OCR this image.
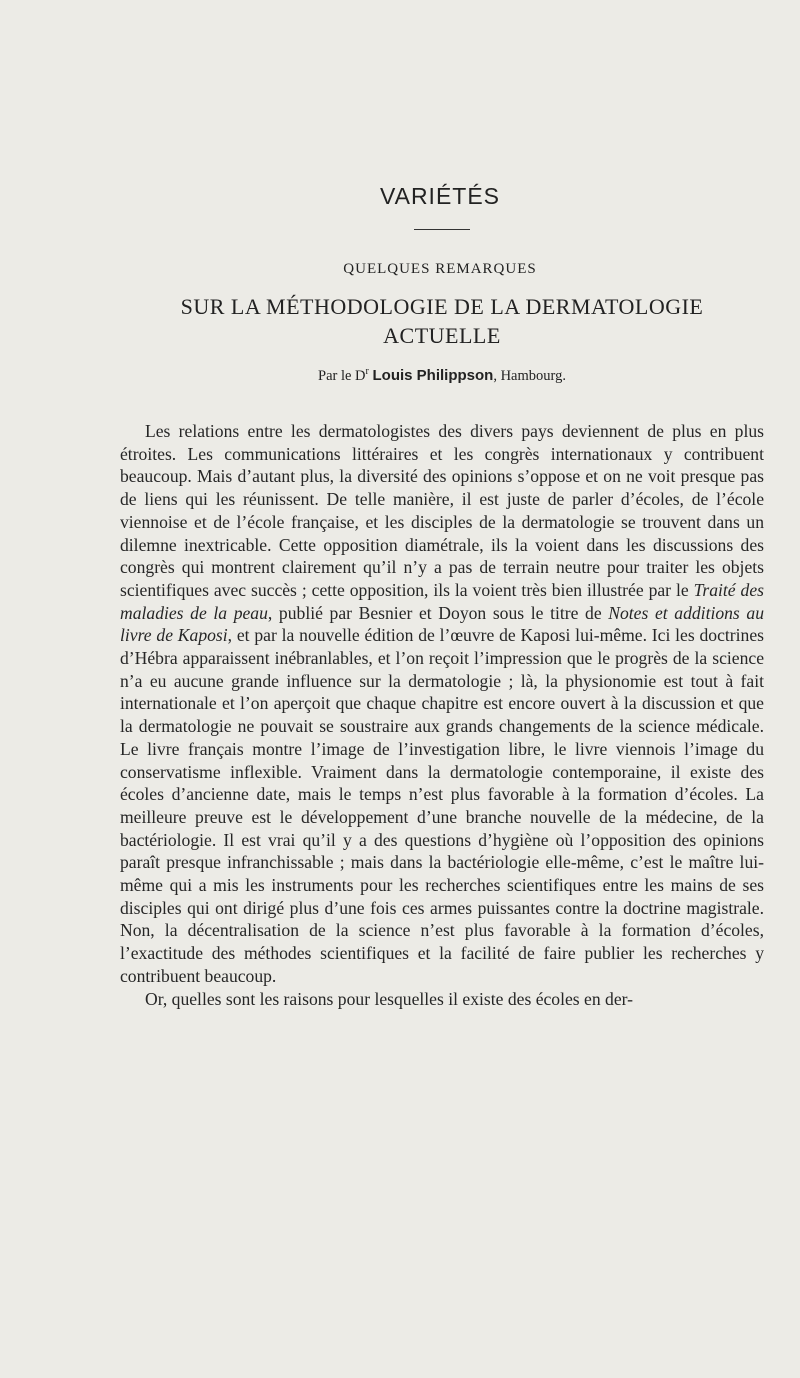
VARIÉTÉS
QUELQUES REMARQUES
SUR LA MÉTHODOLOGIE DE LA DERMATOLOGIE
ACTUELLE
Par le $D^r$ Louis Philippson, Hambourg.

Les relations entre les dermatologistes des divers pays deviennent de plus en plus étroites. Les communications littéraires et les congrès internationaux y contribuent beaucoup. Mais d’autant plus, la diversité des opinions s’oppose et on ne voit presque pas de liens qui les réunissent. De telle manière, il est juste de parler d’écoles, de l’école viennoise et de l’école française, et les disciples de la dermatologie se trouvent dans un dilemne inextricable. Cette opposition diamétrale, ils la voient dans les discussions des congrès qui montrent clairement qu’il n’y a pas de terrain neutre pour traiter les objets scientifiques avec succès ; cette opposition, ils la voient très bien illustrée par le Traité des maladies de la peau, publié par Besnier et Doyon sous le titre de Notes et additions au livre de Kaposi, et par la nouvelle édition de l’œuvre de Kaposi lui-même. Ici les doctrines d’Hébra apparaissent inébranlables, et l’on reçoit l’impression que le progrès de la science n’a eu aucune grande influence sur la dermatologie ; là, la physionomie est tout à fait internationale et l’on aperçoit que chaque chapitre est encore ouvert à la discussion et que la dermatologie ne pouvait se soustraire aux grands changements de la science médicale. Le livre français montre l’image de l’investigation libre, le livre viennois l’image du conservatisme inflexible. Vraiment dans la dermatologie contemporaine, il existe des écoles d’ancienne date, mais le temps n’est plus favorable à la formation d’écoles. La meilleure preuve est le développement d’une branche nouvelle de la médecine, de la bactériologie. Il est vrai qu’il y a des questions d’hygiène où l’opposition des opinions paraît presque infranchissable ; mais dans la bactériologie elle-même, c’est le maître lui-même qui a mis les instruments pour les recherches scientifiques entre les mains de ses disciples qui ont dirigé plus d’une fois ces armes puissantes contre la doctrine magistrale. Non, la décentralisation de la science n’est plus favorable à la formation d’écoles, l’exactitude des méthodes scientifiques et la facilité de faire publier les recherches y contribuent beaucoup.

Or, quelles sont les raisons pour lesquelles il existe des écoles en der-
